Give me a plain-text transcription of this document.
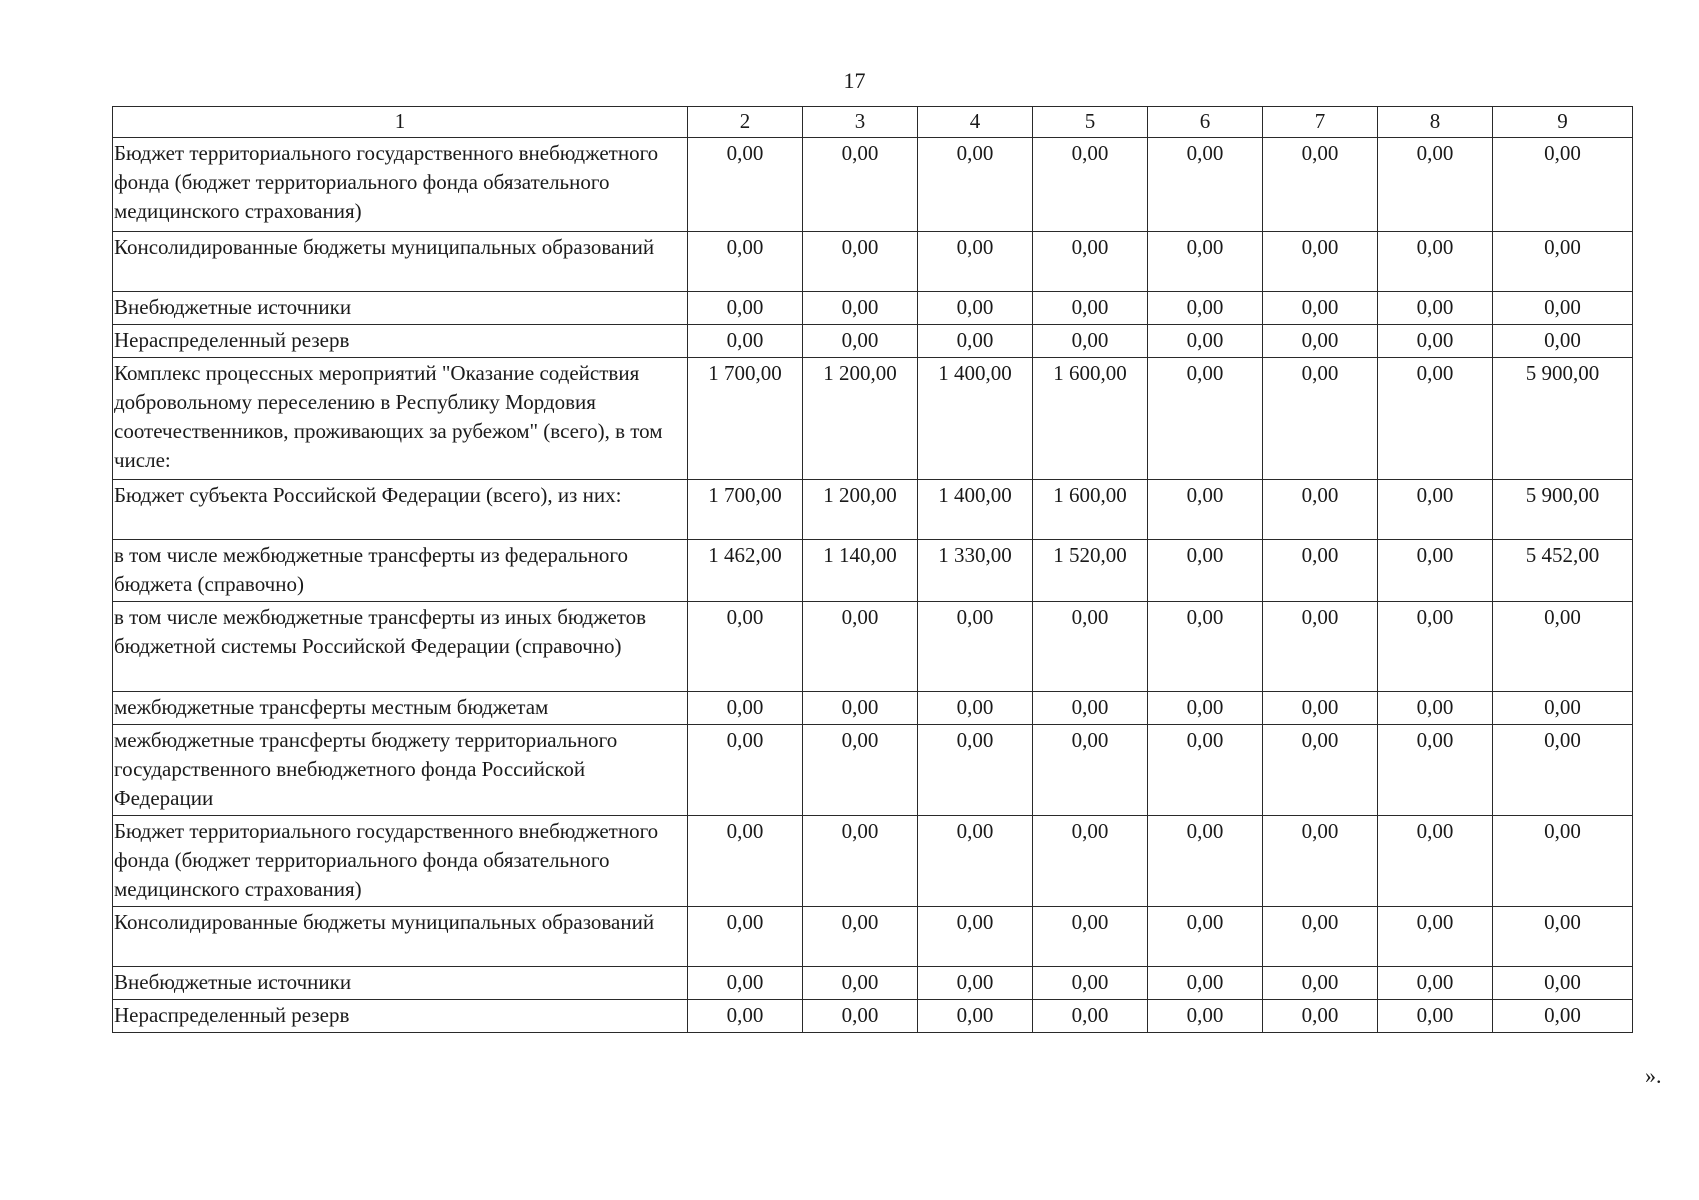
17
1	2	3	4	5	6	7	8	9
Бюджет территориального государственного внебюджетного фонда (бюджет территориального фонда обязательного медицинского страхования)	0,00	0,00	0,00	0,00	0,00	0,00	0,00	0,00
Консолидированные бюджеты муниципальных образований	0,00	0,00	0,00	0,00	0,00	0,00	0,00	0,00
Внебюджетные источники	0,00	0,00	0,00	0,00	0,00	0,00	0,00	0,00
Нераспределенный резерв	0,00	0,00	0,00	0,00	0,00	0,00	0,00	0,00
Комплекс процессных мероприятий "Оказание содействия добровольному переселению в Республику Мордовия соотечественников, проживающих за рубежом" (всего), в том числе:	1 700,00	1 200,00	1 400,00	1 600,00	0,00	0,00	0,00	5 900,00
Бюджет субъекта Российской Федерации (всего), из них:	1 700,00	1 200,00	1 400,00	1 600,00	0,00	0,00	0,00	5 900,00
в том числе межбюджетные трансферты из федерального бюджета (справочно)	1 462,00	1 140,00	1 330,00	1 520,00	0,00	0,00	0,00	5 452,00
в том числе межбюджетные трансферты из иных бюджетов бюджетной системы Российской Федерации (справочно)	0,00	0,00	0,00	0,00	0,00	0,00	0,00	0,00
межбюджетные трансферты местным бюджетам	0,00	0,00	0,00	0,00	0,00	0,00	0,00	0,00
межбюджетные трансферты бюджету территориального государственного внебюджетного фонда Российской Федерации	0,00	0,00	0,00	0,00	0,00	0,00	0,00	0,00
Бюджет территориального государственного внебюджетного фонда (бюджет территориального фонда обязательного медицинского страхования)	0,00	0,00	0,00	0,00	0,00	0,00	0,00	0,00
Консолидированные бюджеты муниципальных образований	0,00	0,00	0,00	0,00	0,00	0,00	0,00	0,00
Внебюджетные источники	0,00	0,00	0,00	0,00	0,00	0,00	0,00	0,00
Нераспределенный резерв	0,00	0,00	0,00	0,00	0,00	0,00	0,00	0,00
».
